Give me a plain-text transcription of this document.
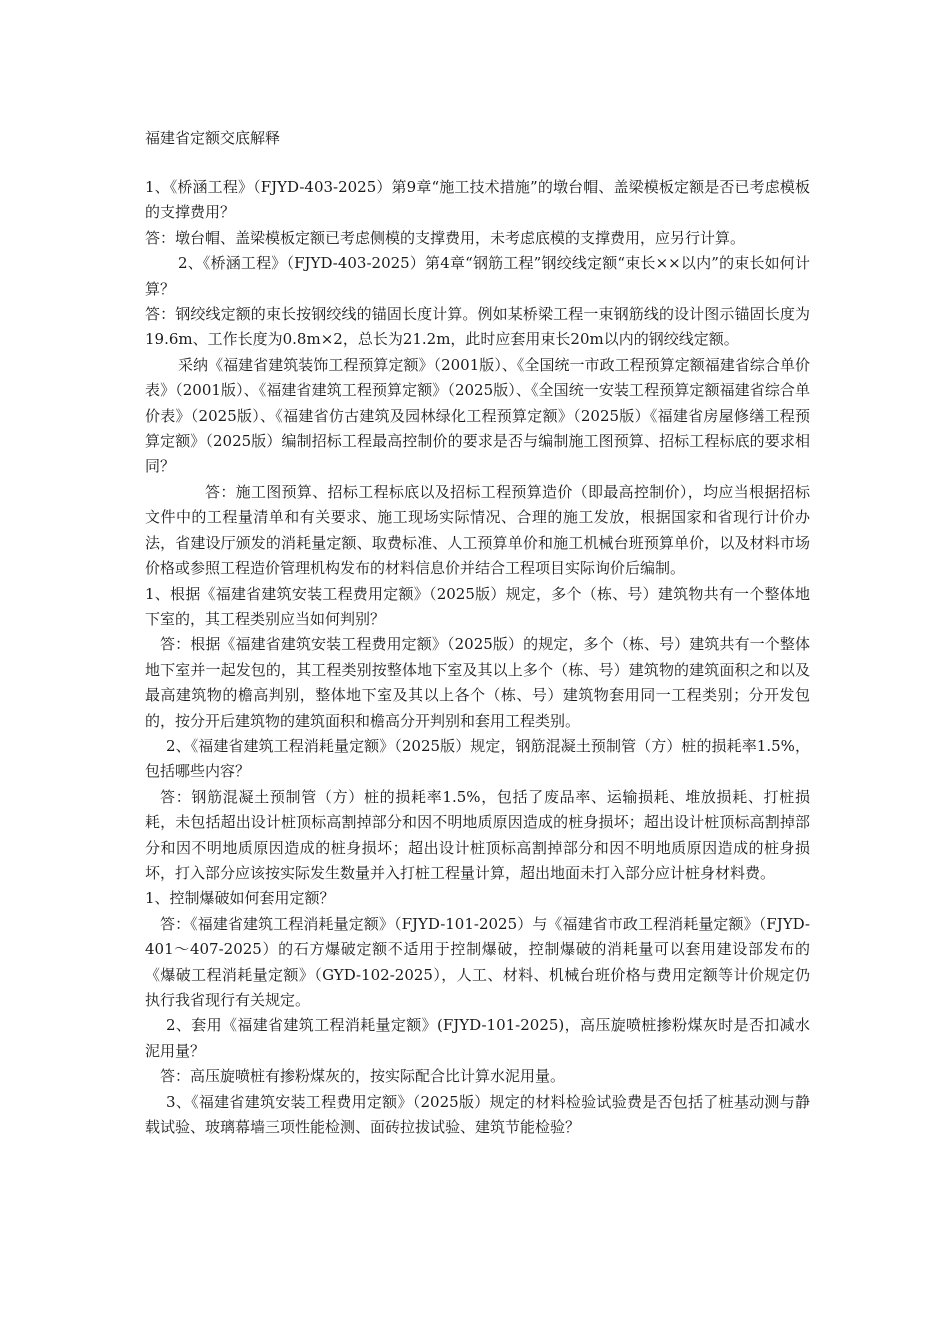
福建省定额交底解释

1、《桥涵工程》（FJYD-403-2025）第9章“施工技术措施”的墩台帽、盖梁模板定额是否已考虑模板的支撑费用？

答：墩台帽、盖梁模板定额已考虑侧模的支撑费用，未考虑底模的支撑费用，应另行计算。

2、《桥涵工程》（FJYD-403-2025）第4章“钢筋工程”钢绞线定额“束长××以内”的束长如何计算？

答：钢绞线定额的束长按钢绞线的锚固长度计算。例如某桥梁工程一束钢筋线的设计图示锚固长度为19.6m、工作长度为0.8m×2，总长为21.2m，此时应套用束长20m以内的钢绞线定额。

采纳《福建省建筑装饰工程预算定额》（2001版）、《全国统一市政工程预算定额福建省综合单价表》（2001版）、《福建省建筑工程预算定额》（2025版）、《全国统一安装工程预算定额福建省综合单价表》（2025版）、《福建省仿古建筑及园林绿化工程预算定额》（2025版）《福建省房屋修缮工程预算定额》（2025版）编制招标工程最高控制价的要求是否与编制施工图预算、招标工程标底的要求相同？

答：施工图预算、招标工程标底以及招标工程预算造价（即最高控制价），均应当根据招标文件中的工程量清单和有关要求、施工现场实际情况、合理的施工发放，根据国家和省现行计价办法，省建设厅颁发的消耗量定额、取费标准、人工预算单价和施工机械台班预算单价，以及材料市场价格或参照工程造价管理机构发布的材料信息价并结合工程项目实际询价后编制。

1、根据《福建省建筑安装工程费用定额》（2025版）规定，多个（栋、号）建筑物共有一个整体地下室的，其工程类别应当如何判别？

答：根据《福建省建筑安装工程费用定额》（2025版）的规定，多个（栋、号）建筑共有一个整体地下室并一起发包的，其工程类别按整体地下室及其以上多个（栋、号）建筑物的建筑面积之和以及最高建筑物的檐高判别，整体地下室及其以上各个（栋、号）建筑物套用同一工程类别；分开发包的，按分开后建筑物的建筑面积和檐高分开判别和套用工程类别。

2、《福建省建筑工程消耗量定额》（2025版）规定，钢筋混凝土预制管（方）桩的损耗率1.5%，包括哪些内容？

答：钢筋混凝土预制管（方）桩的损耗率1.5%，包括了废品率、运输损耗、堆放损耗、打桩损耗，未包括超出设计桩顶标高割掉部分和因不明地质原因造成的桩身损坏；超出设计桩顶标高割掉部分和因不明地质原因造成的桩身损坏；超出设计桩顶标高割掉部分和因不明地质原因造成的桩身损坏，打入部分应该按实际发生数量并入打桩工程量计算，超出地面未打入部分应计桩身材料费。

1、控制爆破如何套用定额？

答：《福建省建筑工程消耗量定额》（FJYD-101-2025）与《福建省市政工程消耗量定额》（FJYD-401～407-2025）的石方爆破定额不适用于控制爆破，控制爆破的消耗量可以套用建设部发布的《爆破工程消耗量定额》（GYD-102-2025），人工、材料、机械台班价格与费用定额等计价规定仍执行我省现行有关规定。

2、套用《福建省建筑工程消耗量定额》(FJYD-101-2025)，高压旋喷桩掺粉煤灰时是否扣减水泥用量？

答：高压旋喷桩有掺粉煤灰的，按实际配合比计算水泥用量。

3、《福建省建筑安装工程费用定额》（2025版）规定的材料检验试验费是否包括了桩基动测与静载试验、玻璃幕墙三项性能检测、面砖拉拔试验、建筑节能检验？
